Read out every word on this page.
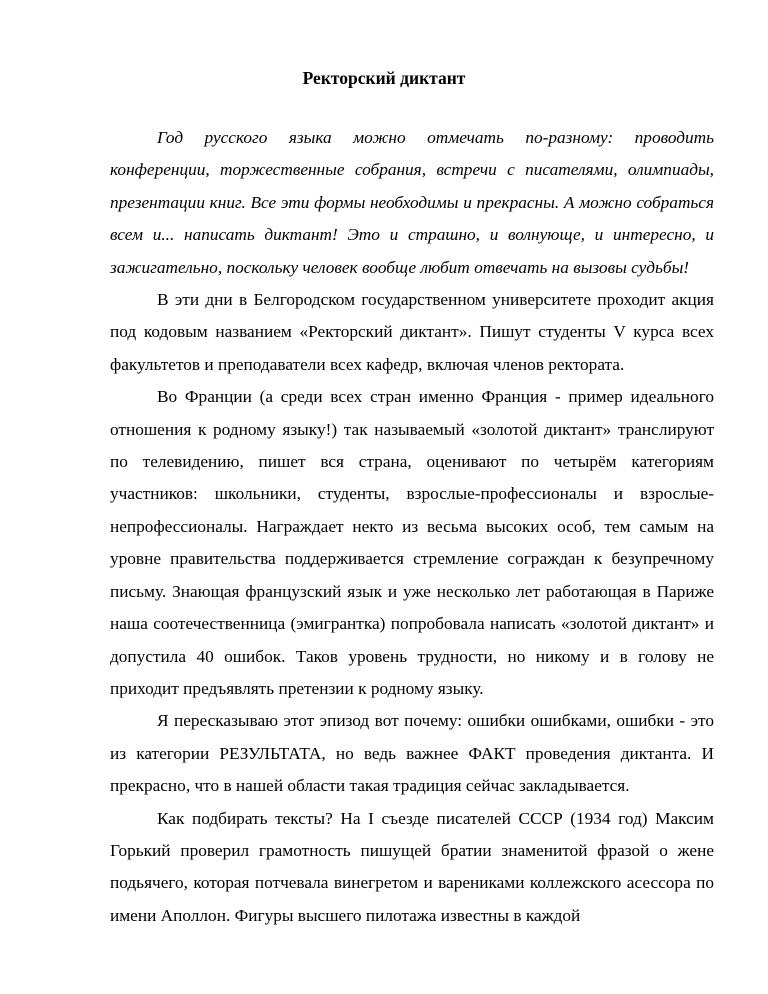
Ректорский диктант

Год русского языка можно отмечать по-разному: проводить конференции, торжественные собрания, встречи с писателями, олимпиады, презентации книг. Все эти формы необходимы и прекрасны. А можно собраться всем и... написать диктант! Это и страшно, и волнующе, и интересно, и зажигательно, поскольку человек вообще любит отвечать на вызовы судьбы!

В эти дни в Белгородском государственном университете проходит акция под кодовым названием «Ректорский диктант». Пишут студенты V курса всех факультетов и преподаватели всех кафедр, включая членов ректората.

Во Франции (а среди всех стран именно Франция - пример идеального отношения к родному языку!) так называемый «золотой диктант» транслируют по телевидению, пишет вся страна, оценивают по четырём категориям участников: школьники, студенты, взрослые-профессионалы и взрослые-непрофессионалы. Награждает некто из весьма высоких особ, тем самым на уровне правительства поддерживается стремление сограждан к безупречному письму. Знающая французский язык и уже несколько лет работающая в Париже наша соотечественница (эмигрантка) попробовала написать «золотой диктант» и допустила 40 ошибок. Таков уровень трудности, но никому и в голову не приходит предъявлять претензии к родному языку.

Я пересказываю этот эпизод вот почему: ошибки ошибками, ошибки - это из категории РЕЗУЛЬТАТА, но ведь важнее ФАКТ проведения диктанта. И прекрасно, что в нашей области такая традиция сейчас закладывается.

Как подбирать тексты? На I съезде писателей СССР (1934 год) Максим Горький проверил грамотность пишущей братии знаменитой фразой о жене подьячего, которая потчевала винегретом и варениками коллежского асессора по имени Аполлон. Фигуры высшего пилотажа известны в каждой
